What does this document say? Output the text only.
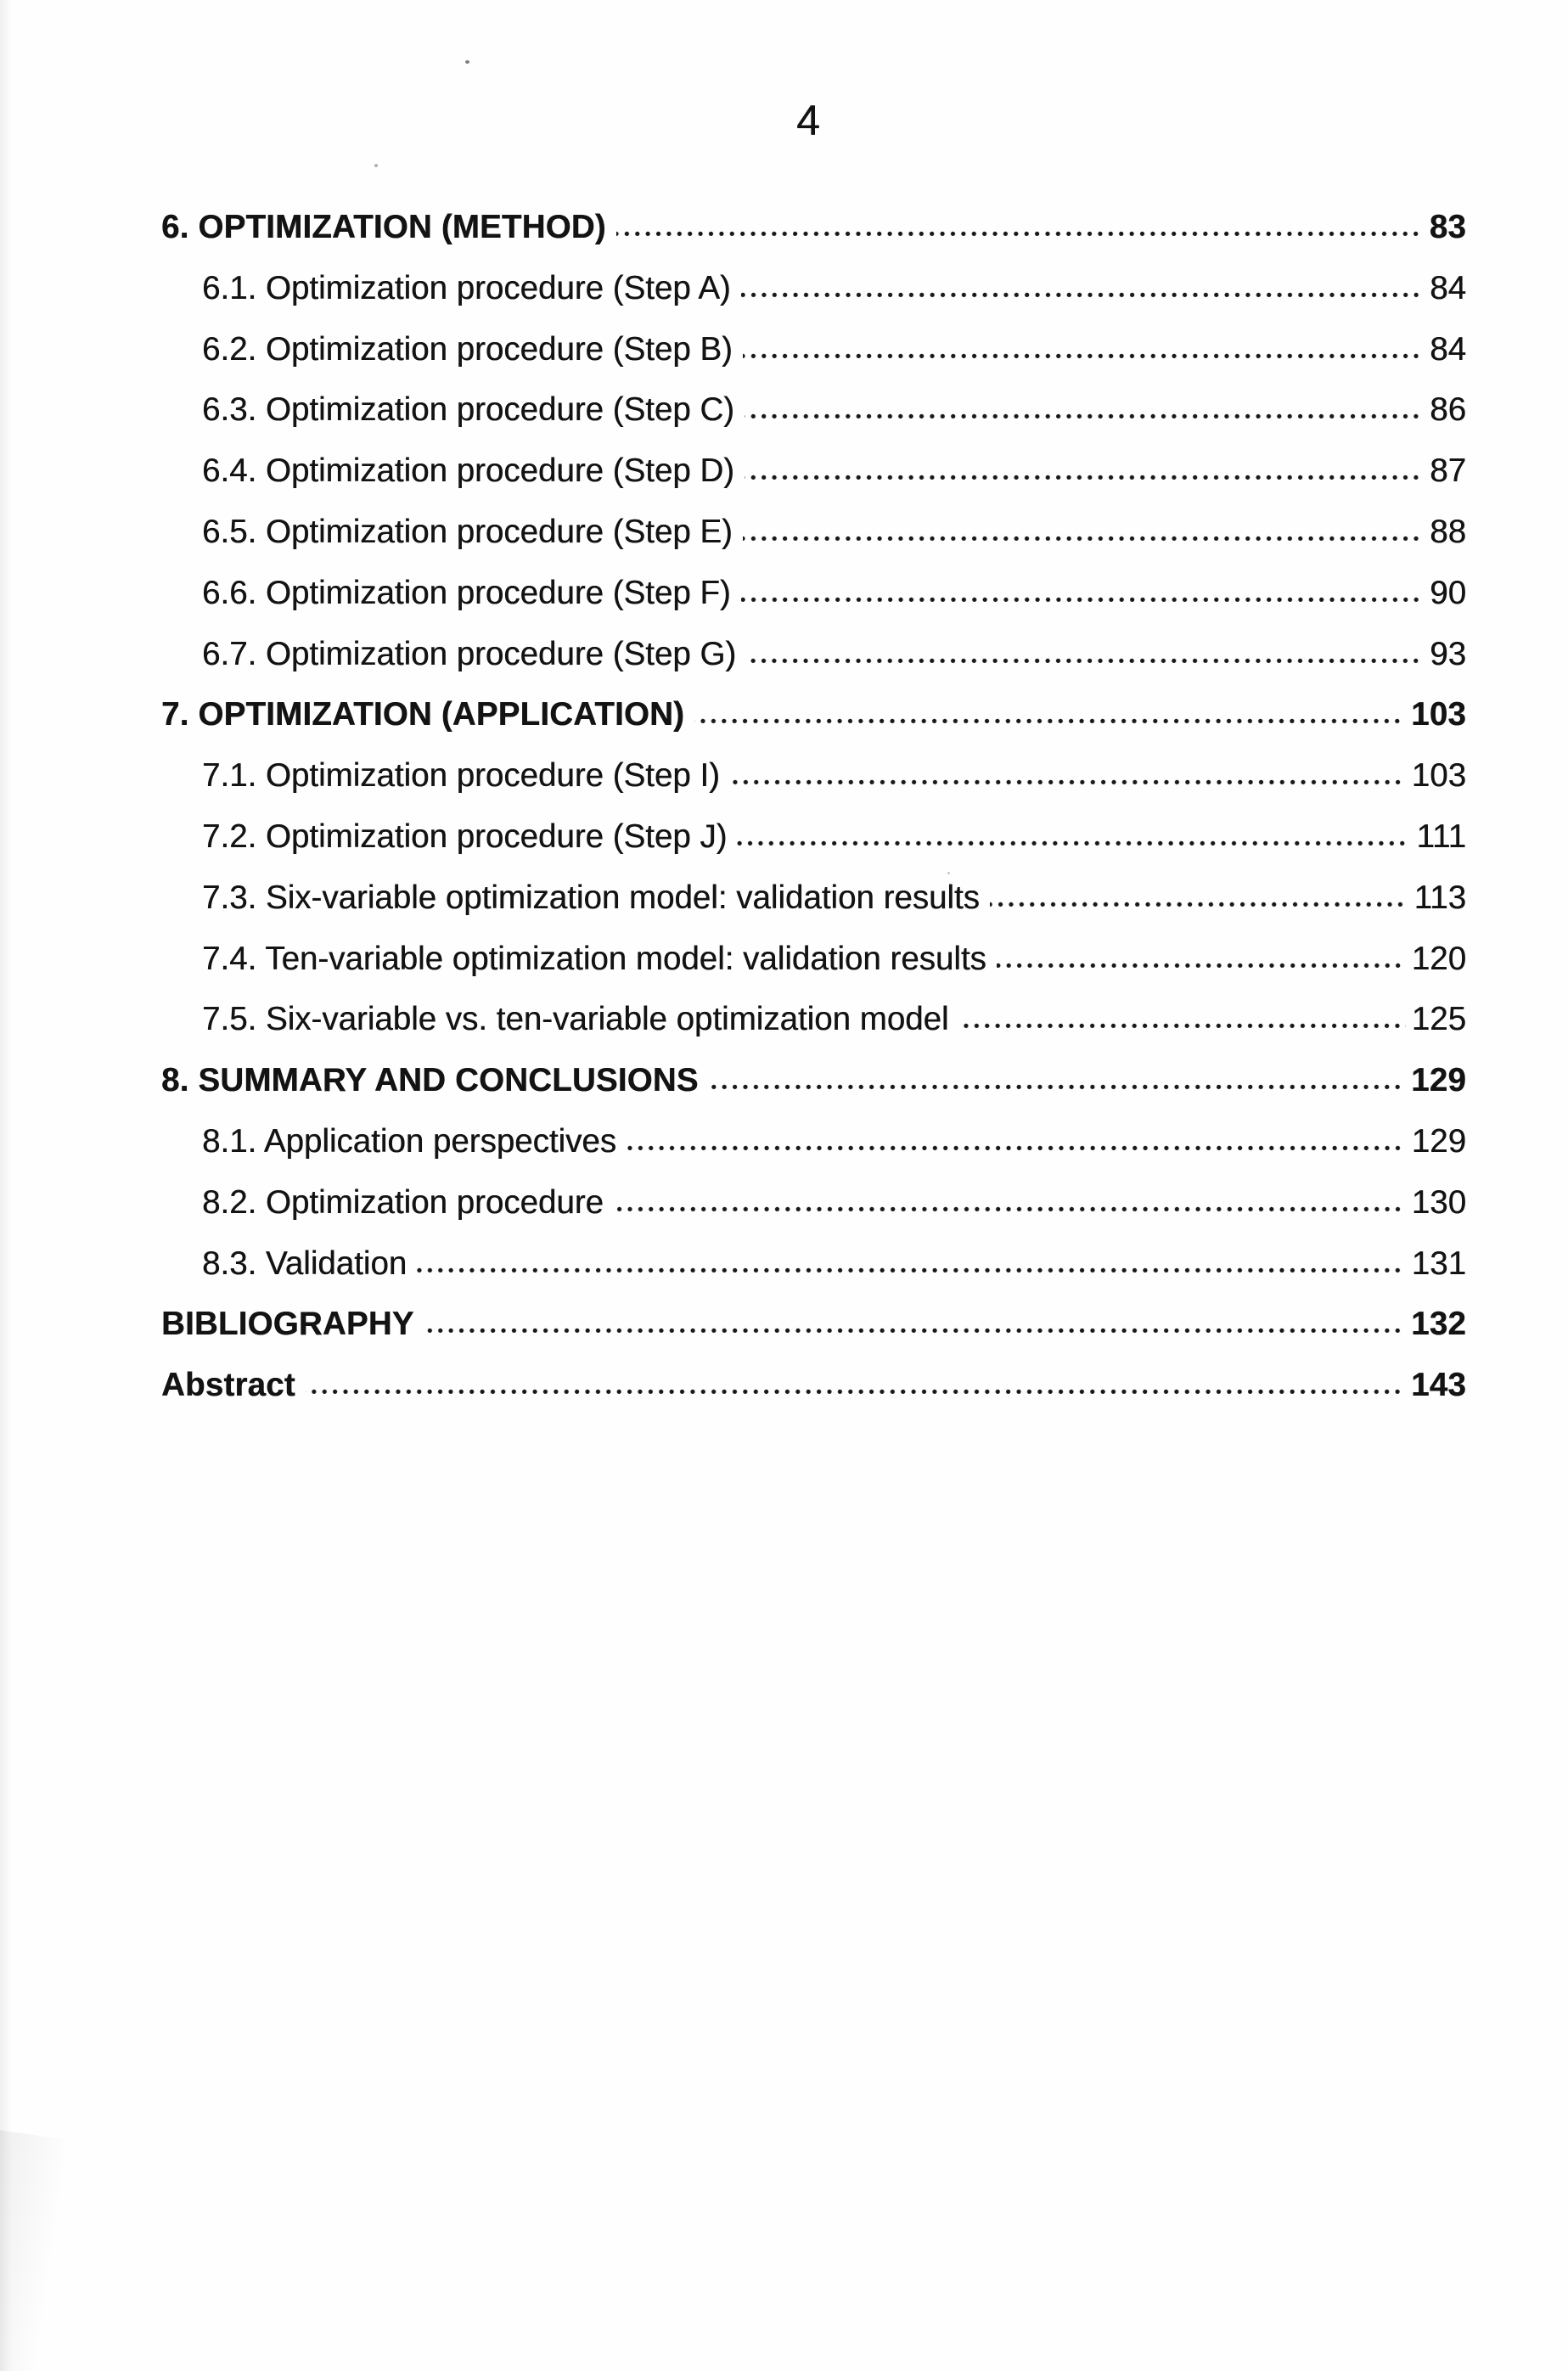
4
6. OPTIMIZATION (METHOD)	83
6.1. Optimization procedure (Step A)	84
6.2. Optimization procedure (Step B)	84
6.3. Optimization procedure (Step C)	86
6.4. Optimization procedure (Step D)	87
6.5. Optimization procedure (Step E)	88
6.6. Optimization procedure (Step F)	90
6.7. Optimization procedure (Step G)	93
7. OPTIMIZATION (APPLICATION)	103
7.1. Optimization procedure (Step I)	103
7.2. Optimization procedure (Step J)	111
7.3. Six-variable optimization model: validation results	113
7.4. Ten-variable optimization model: validation results	120
7.5. Six-variable vs. ten-variable optimization model	125
8. SUMMARY AND CONCLUSIONS	129
8.1. Application perspectives	129
8.2. Optimization procedure	130
8.3. Validation	131
BIBLIOGRAPHY	132
Abstract	143
